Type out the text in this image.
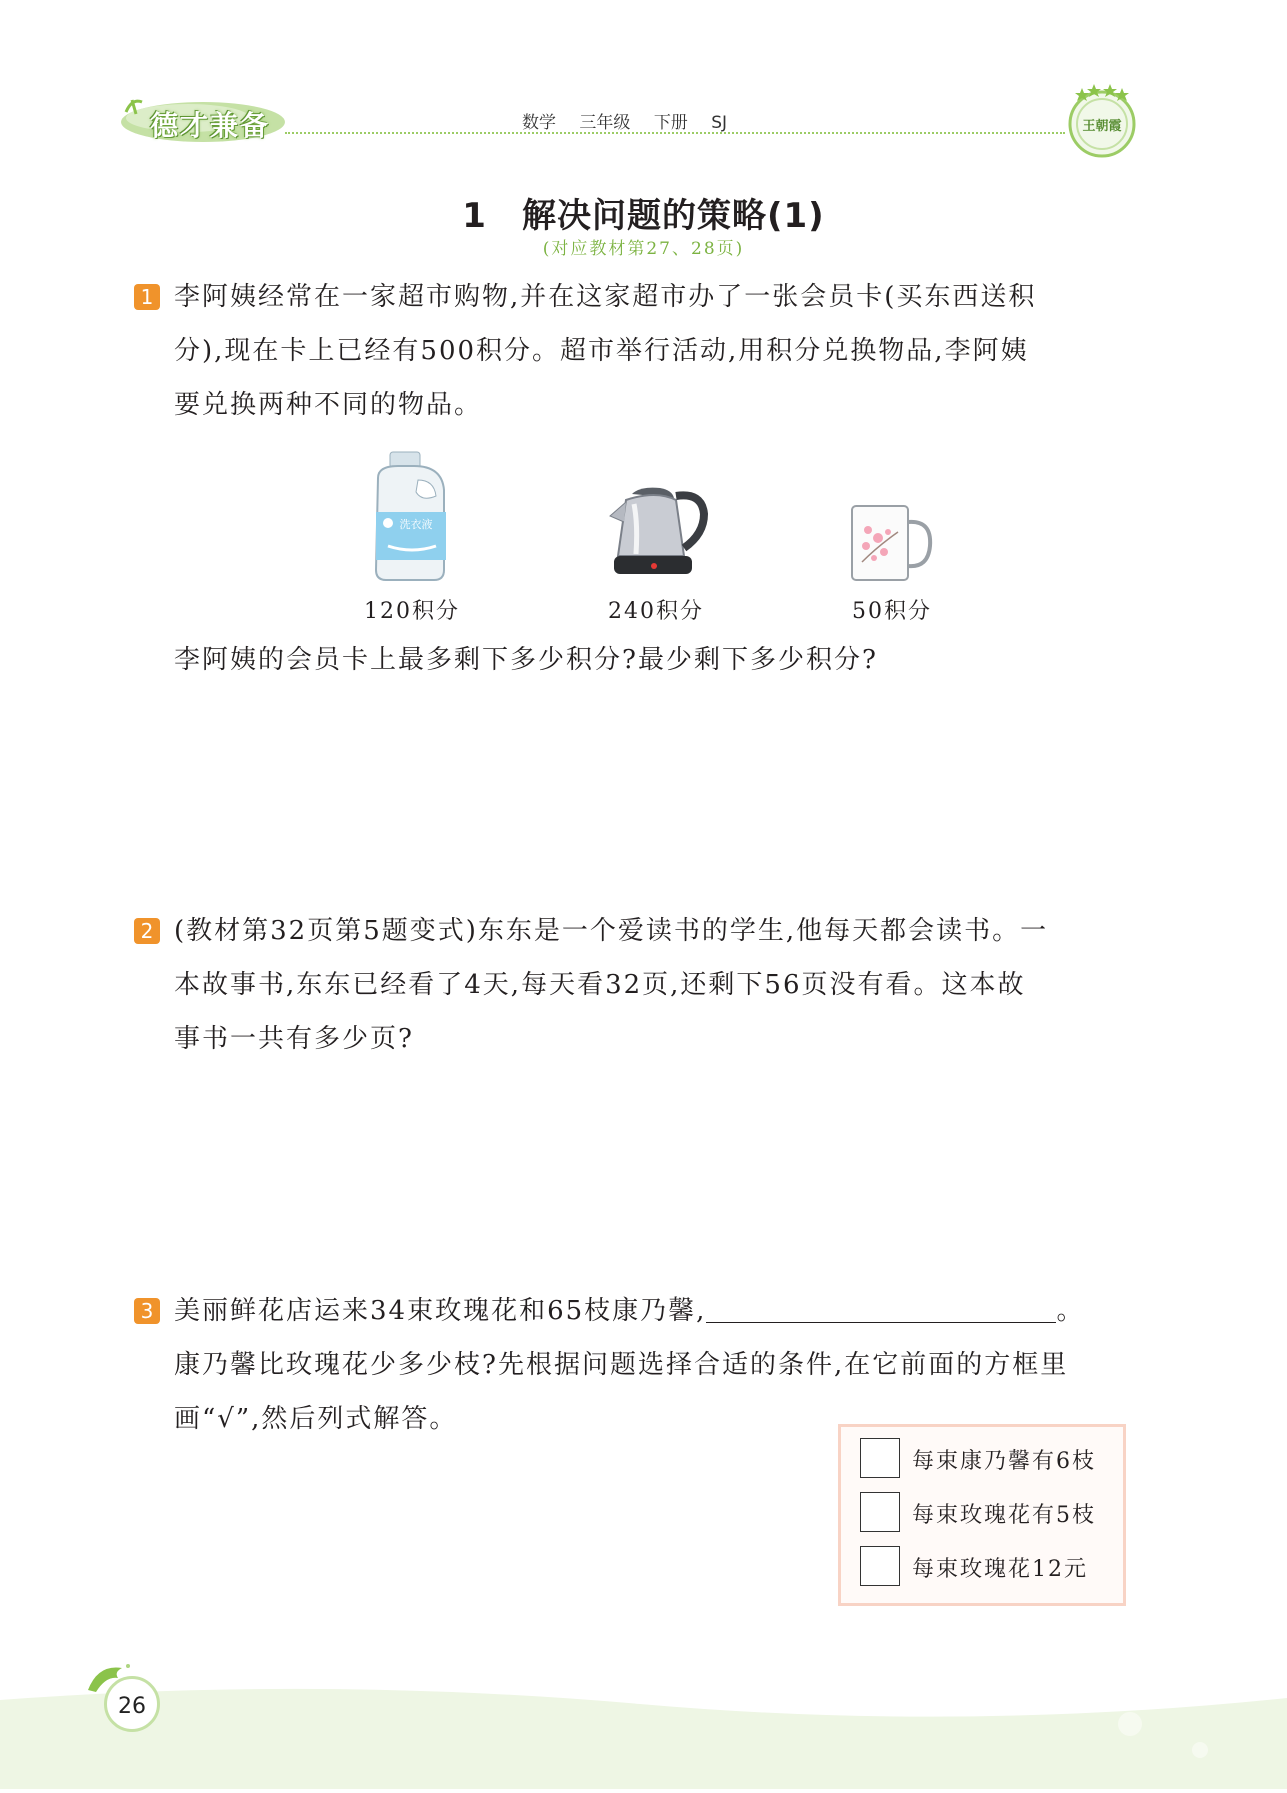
德才兼备	数学 三年级 下册 SJ	王朝霞
1　解决问题的策略(1)
(对应教材第27、28页)
1 李阿姨经常在一家超市购物,并在这家超市办了一张会员卡(买东西送积

分),现在卡上已经有500积分。超市举行活动,用积分兑换物品,李阿姨

要兑换两种不同的物品。

洗衣液
120积分	240积分	50积分
李阿姨的会员卡上最多剩下多少积分?最少剩下多少积分?
2 (教材第32页第5题变式)东东是一个爱读书的学生,他每天都会读书。一

本故事书,东东已经看了4天,每天看32页,还剩下56页没有看。这本故

事书一共有多少页?

3 美丽鲜花店运来34束玫瑰花和65枝康乃馨,	。

康乃馨比玫瑰花少多少枝?先根据问题选择合适的条件,在它前面的方框里

画“√”,然后列式解答。

每束康乃馨有6枝
每束玫瑰花有5枝
每束玫瑰花12元
26
